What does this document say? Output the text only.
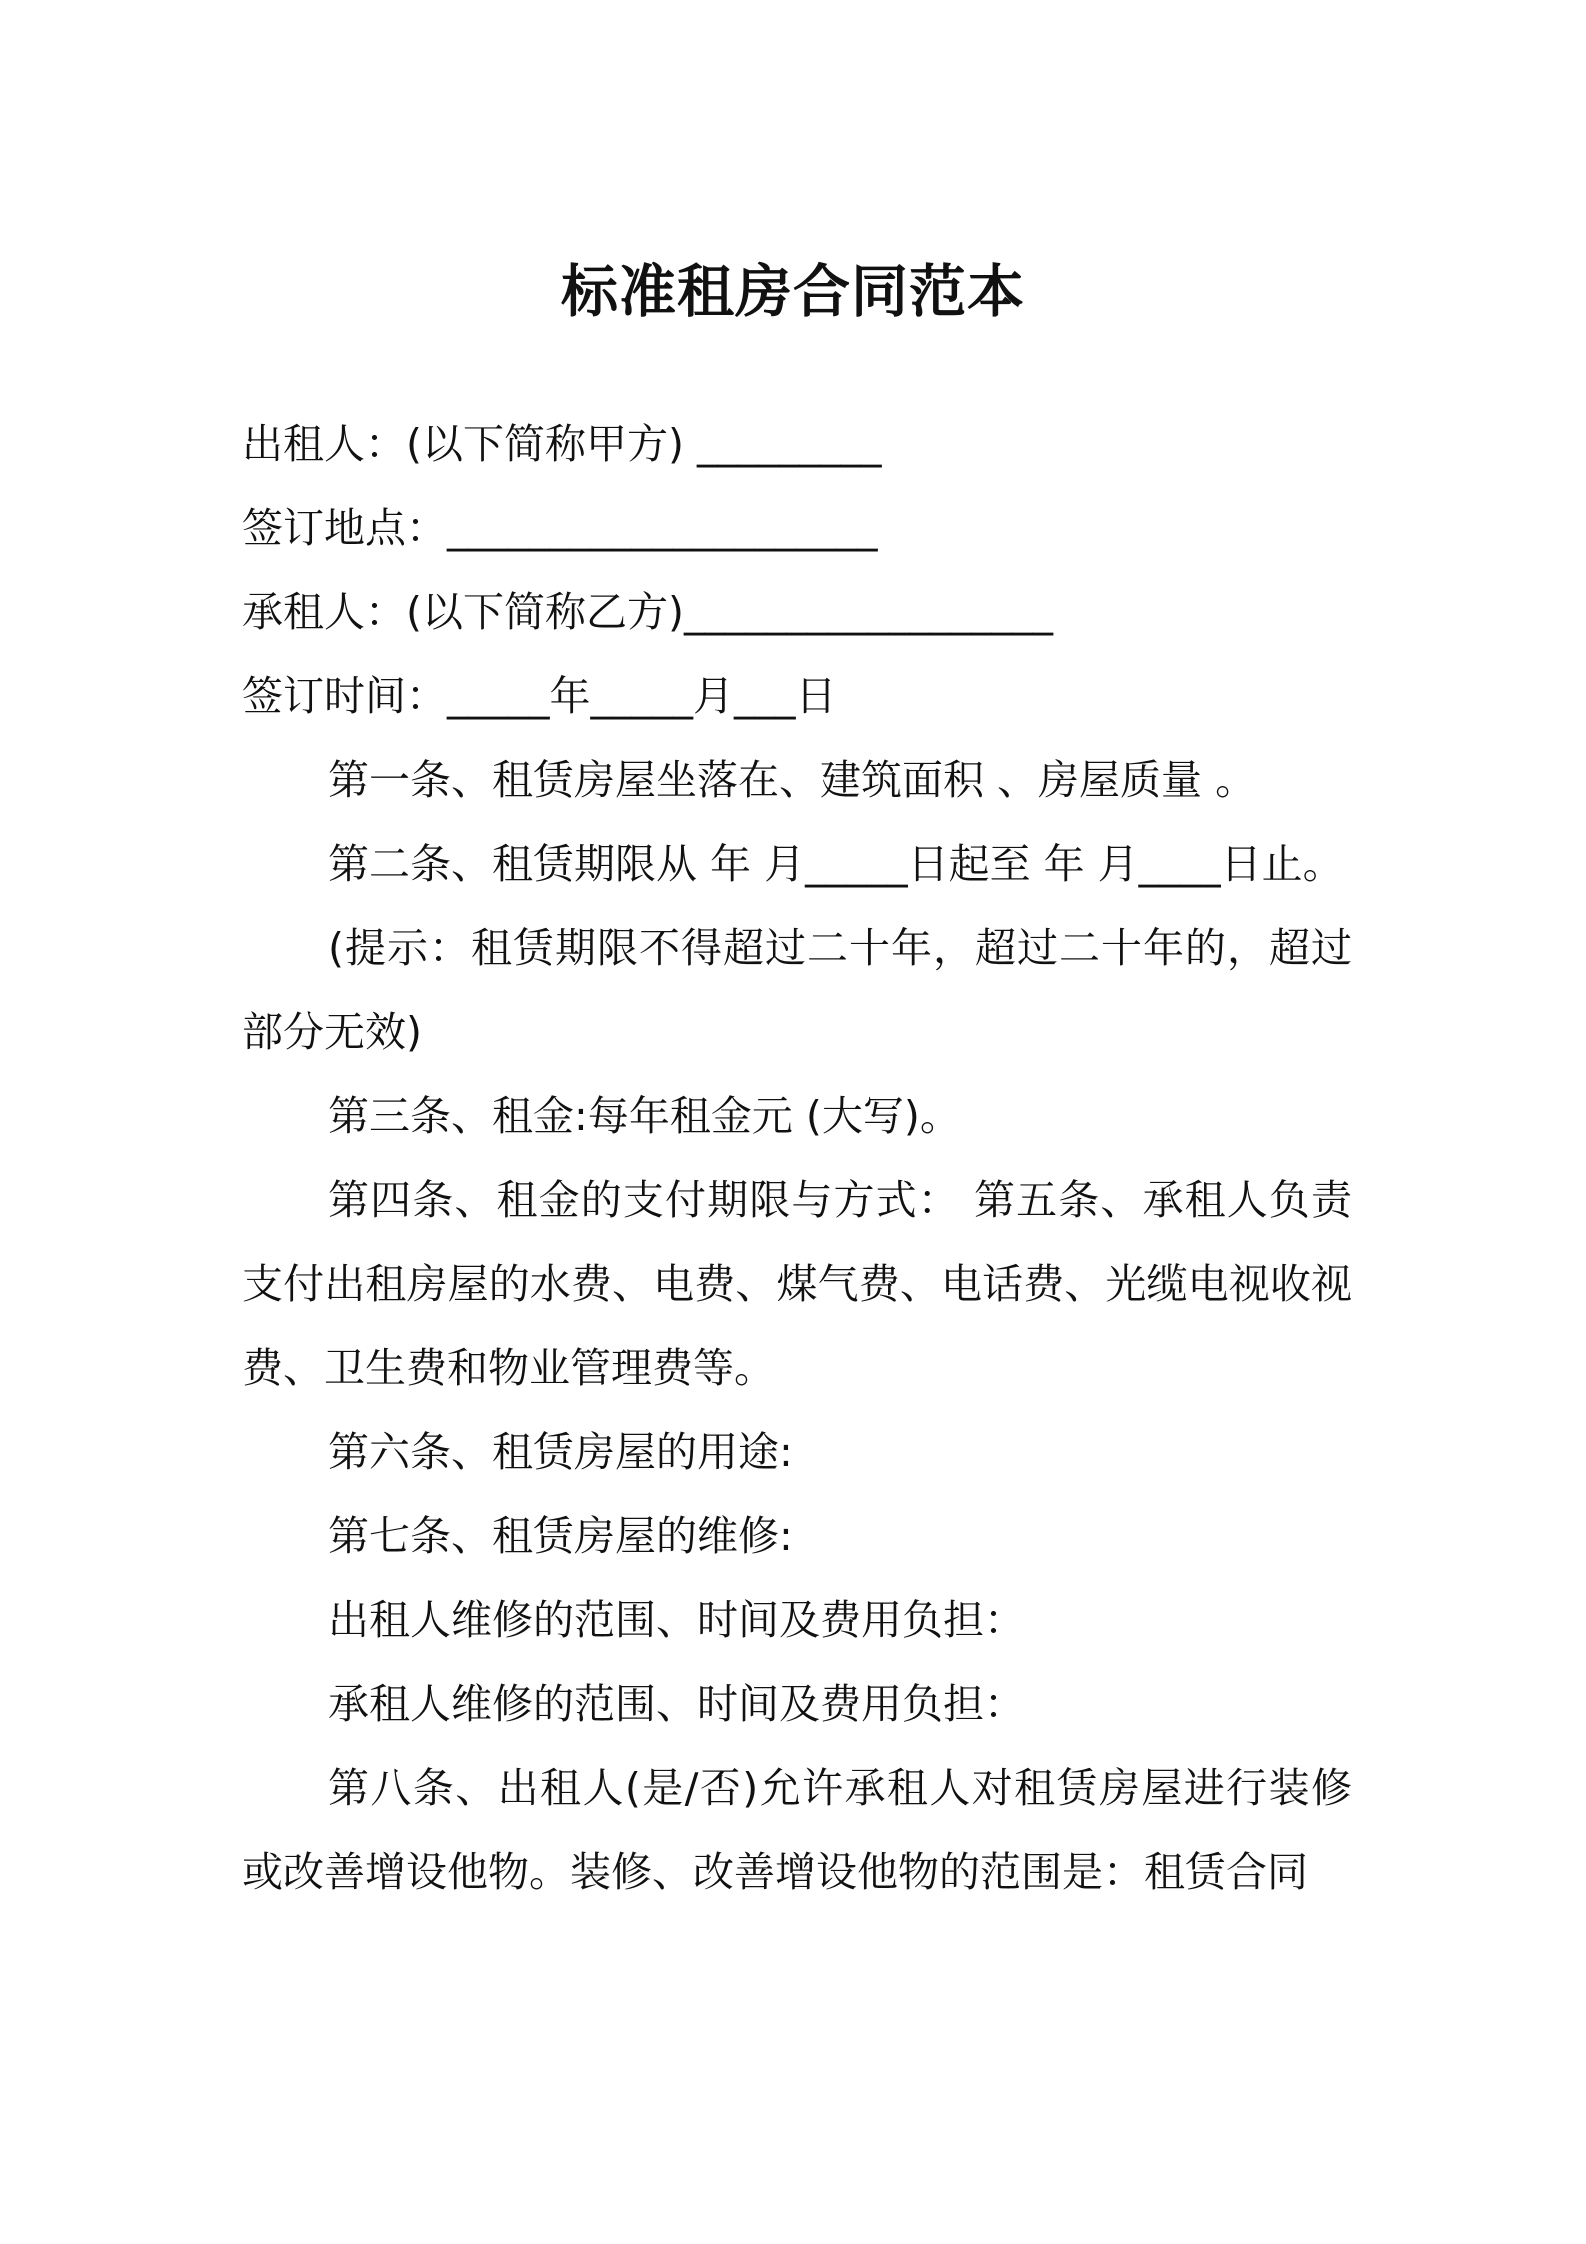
标准租房合同范本
出租人：(以下简称甲方) _________
签订地点：_____________________
承租人：(以下简称乙方)__________________
签订时间：_____年_____月___日
第一条、租赁房屋坐落在、建筑面积 、房屋质量 。
第二条、租赁期限从 年 月_____日起至 年 月____日止。
(提示：租赁期限不得超过二十年，超过二十年的，超过部分无效)
第三条、租金:每年租金元 (大写)。
第四条、租金的支付期限与方式： 第五条、承租人负责支付出租房屋的水费、电费、煤气费、电话费、光缆电视收视费、卫生费和物业管理费等。
第六条、租赁房屋的用途:
第七条、租赁房屋的维修:
出租人维修的范围、时间及费用负担：
承租人维修的范围、时间及费用负担：
第八条、出租人(是/否)允许承租人对租赁房屋进行装修或改善增设他物。装修、改善增设他物的范围是：租赁合同
